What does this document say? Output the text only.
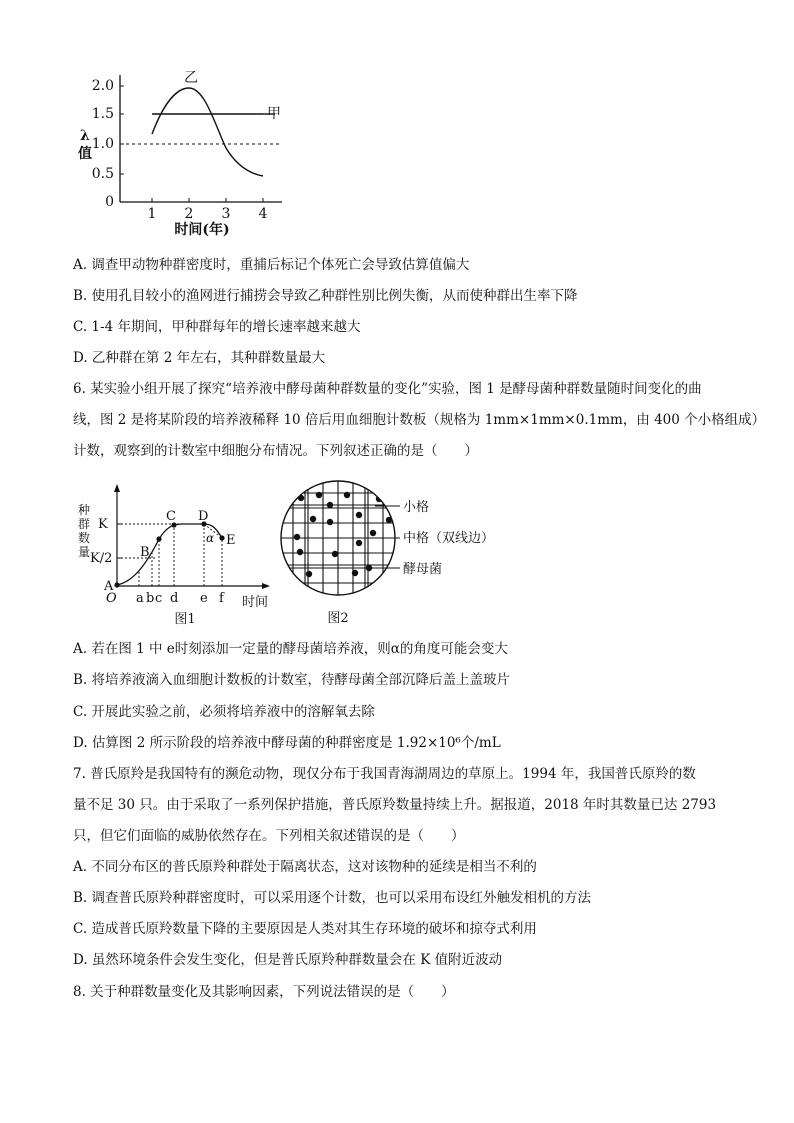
2.0
1.5
1.0
0.5
0
λ
值
1 2 3 4
时间(年)
甲
乙
A. 调查甲动物种群密度时，重捕后标记个体死亡会导致估算值偏大
B. 使用孔目较小的渔网进行捕捞会导致乙种群性别比例失衡，从而使种群出生率下降
C. 1-4 年期间，甲种群每年的增长速率越来越大
D. 乙种群在第 2 年左右，其种群数量最大
6. 某实验小组开展了探究“培养液中酵母菌种群数量的变化”实验，图 1 是酵母菌种群数量随时间变化的曲
线，图 2 是将某阶段的培养液稀释 10 倍后用血细胞计数板（规格为 1mm×1mm×0.1mm，由 400 个小格组成）
计数，观察到的计数室中细胞分布情况。下列叙述正确的是（　　）
种
群
数
量
K
K/2
O
A
B
C D
E
α
a b c d e f 时间
图1
小格
中格（双线边）
酵母菌
图2
A. 若在图 1 中 e时刻添加一定量的酵母菌培养液，则α的角度可能会变大
B. 将培养液滴入血细胞计数板的计数室，待酵母菌全部沉降后盖上盖玻片
C. 开展此实验之前，必须将培养液中的溶解氧去除
D. 估算图 2 所示阶段的培养液中酵母菌的种群密度是 1.92×10⁶个/mL
7. 普氏原羚是我国特有的濒危动物，现仅分布于我国青海湖周边的草原上。1994 年，我国普氏原羚的数
量不足 30 只。由于采取了一系列保护措施，普氏原羚数量持续上升。据报道，2018 年时其数量已达 2793
只，但它们面临的威胁依然存在。下列相关叙述错误的是（　　）
A. 不同分布区的普氏原羚种群处于隔离状态，这对该物种的延续是相当不利的
B. 调查普氏原羚种群密度时，可以采用逐个计数，也可以采用布设红外触发相机的方法
C. 造成普氏原羚数量下降的主要原因是人类对其生存环境的破坏和掠夺式利用
D. 虽然环境条件会发生变化，但是普氏原羚种群数量会在 K 值附近波动
8. 关于种群数量变化及其影响因素，下列说法错误的是（　　）
